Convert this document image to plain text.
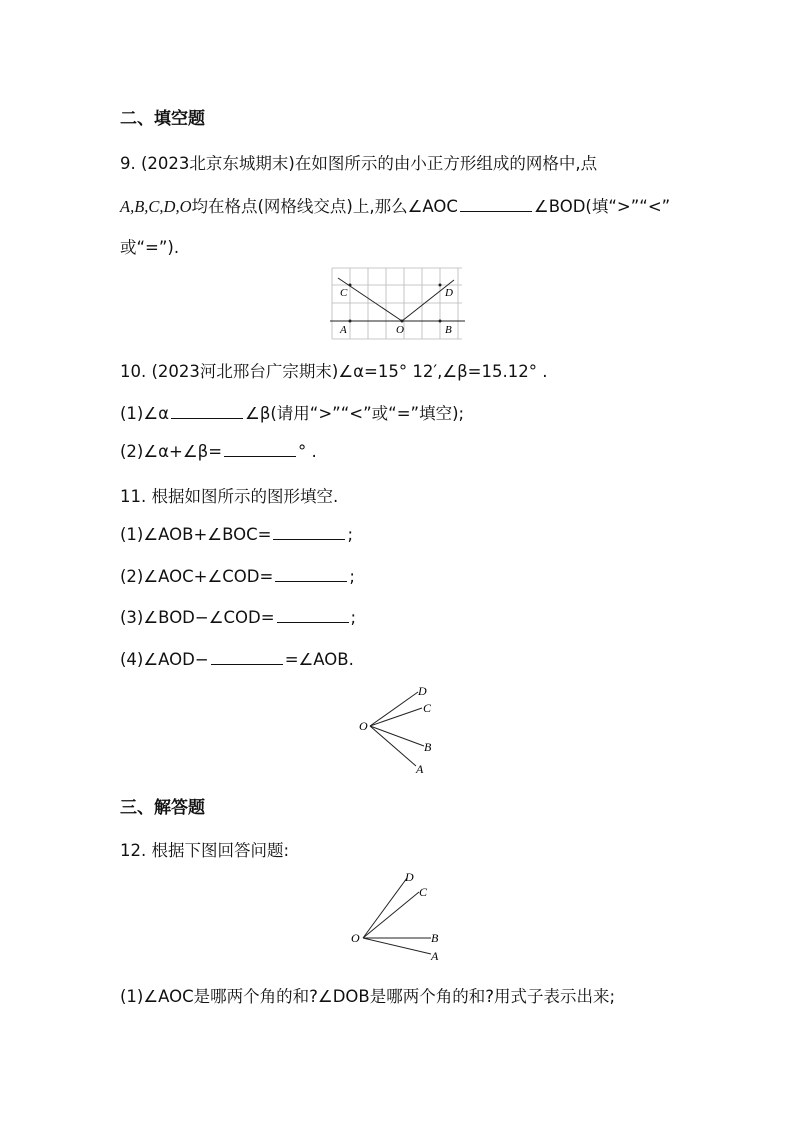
二、填空题
9. (2023北京东城期末)在如图所示的由小正方形组成的网格中,点
A,B,C,D,O均在格点(网格线交点)上,那么∠AOC	∠BOD(填“>”“<”
或“=”).
C	D
A	O	B
10. (2023河北邢台广宗期末)∠α=15° 12′,∠β=15.12° .
(1)∠α	∠β(请用“>”“<”或“=”填空);
(2)∠α+∠β=	° .
11. 根据如图所示的图形填空.
(1)∠AOB+∠BOC=	;
(2)∠AOC+∠COD=	;
(3)∠BOD−∠COD=	;
(4)∠AOD−	=∠AOB.
O
D
C
B
A
三、解答题
12. 根据下图回答问题:
O
D
C
B
A
(1)∠AOC是哪两个角的和?∠DOB是哪两个角的和?用式子表示出来;
